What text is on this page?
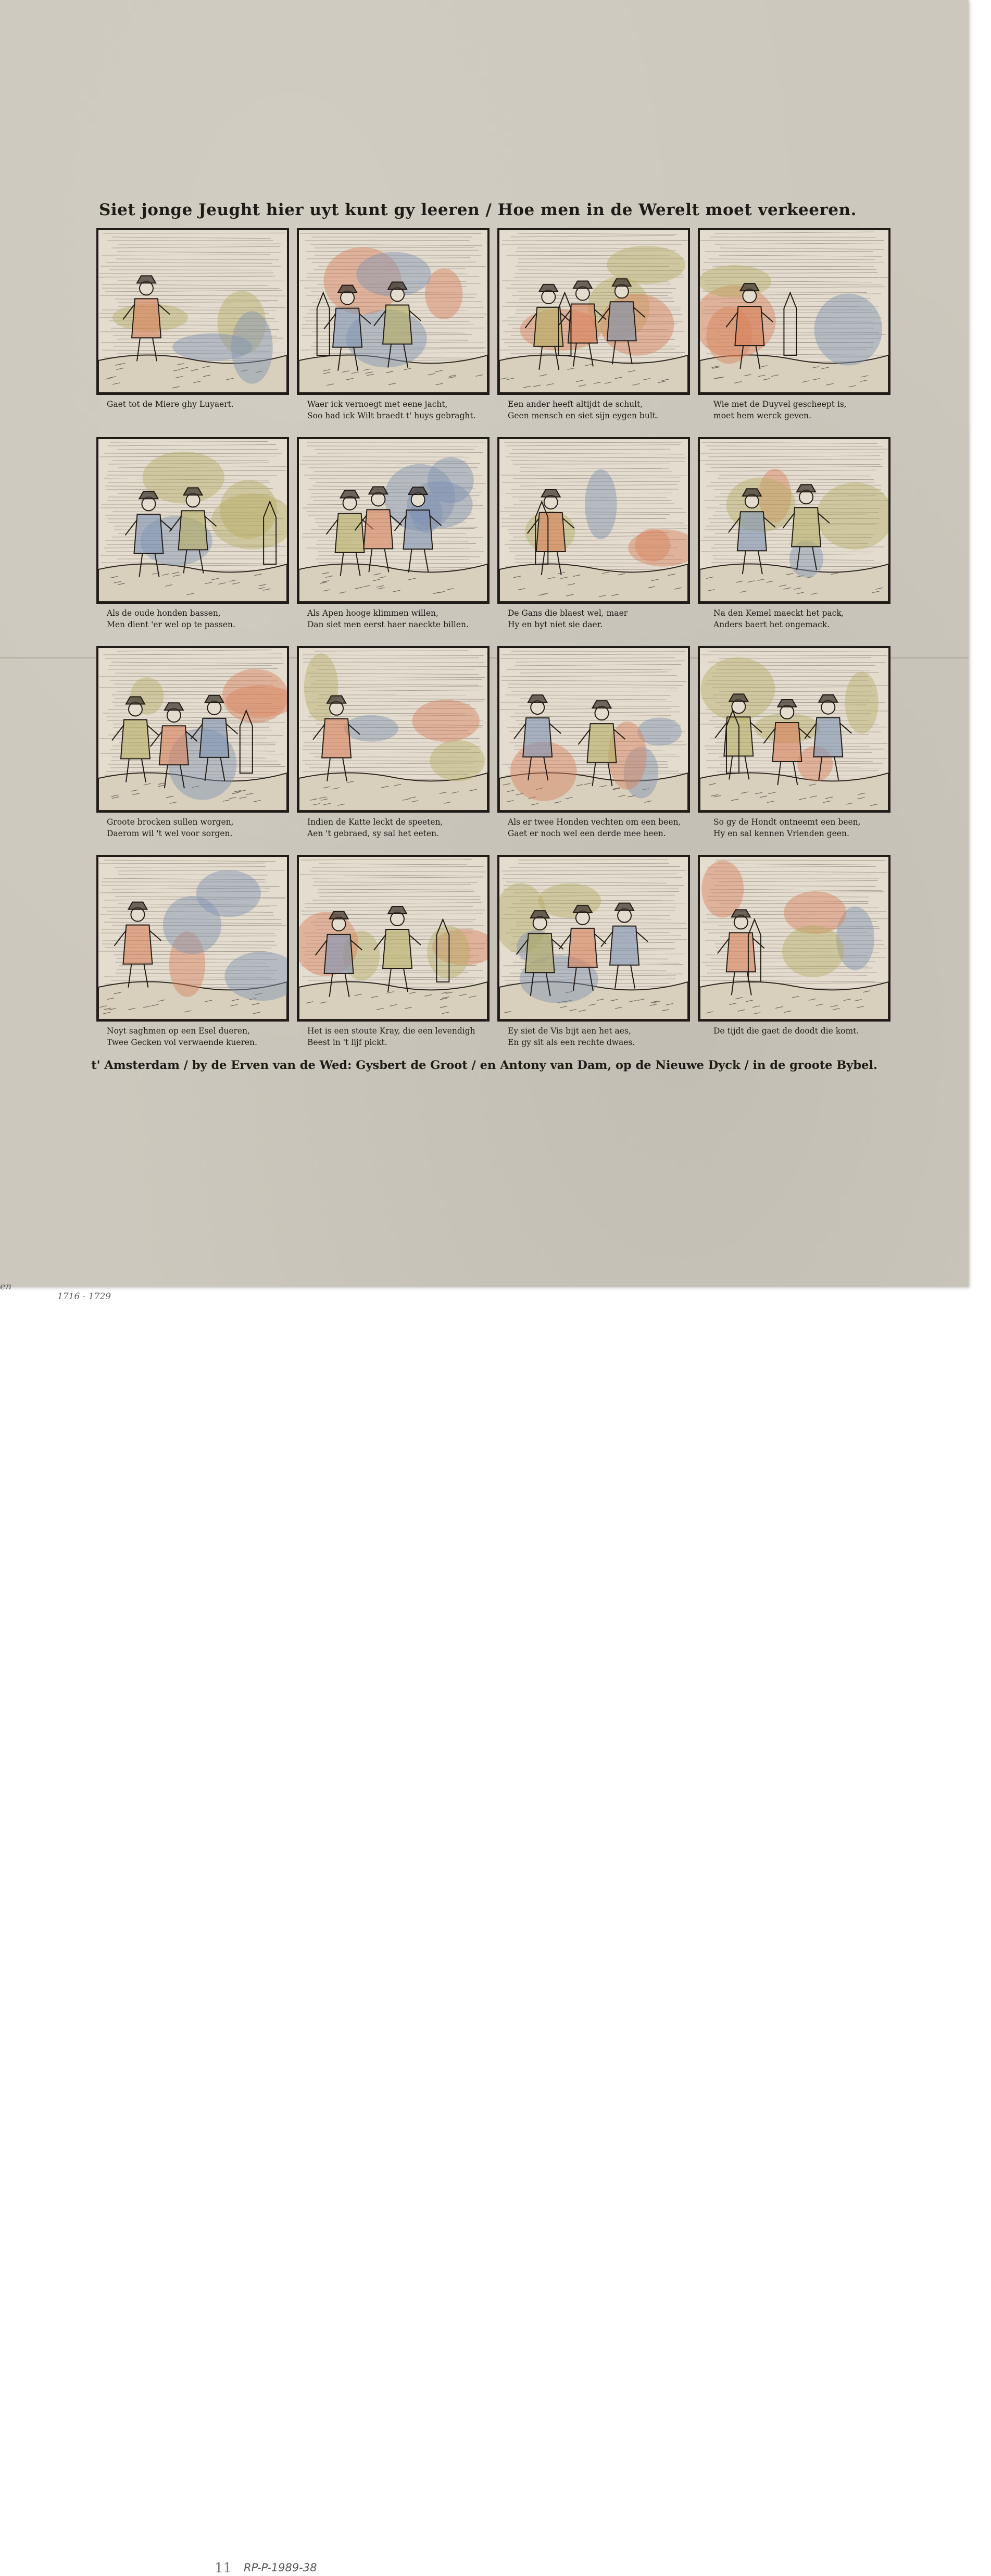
Siet jonge Jeught hier uyt kunt gy leeren / Hoe men in de Werelt moet verkeeren.
Gaet tot de Miere ghy Luyaert.	Waer ick vernoegt met eene jacht,
Soo had ick Wilt braedt t' huys gebraght.
Een ander heeft altijdt de schult,
Geen mensch en siet sijn eygen bult.
Wie met de Duyvel gescheept is,
moet hem werck geven.
Als de oude honden bassen,
Men dient 'er wel op te passen.
Als Apen hooge klimmen willen,
Dan siet men eerst haer naeckte billen.
De Gans die blaest wel, maer
Hy en byt niet sie daer.
Na den Kemel maeckt het pack,
Anders baert het ongemack.
Groote brocken sullen worgen,
Daerom wil 't wel voor sorgen.
Indien de Katte leckt de speeten,
Aen 't gebraed, sy sal het eeten.
Als er twee Honden vechten om een been,
Gaet er noch wel een derde mee heen.
So gy de Hondt ontneemt een been,
Hy en sal kennen Vrienden geen.
Noyt saghmen op een Esel dueren,
Twee Gecken vol verwaende kueren.
Het is een stoute Kray, die een levendigh
Beest in 't lijf pickt.
Ey siet de Vis bijt aen het aes,
En gy sit als een rechte dwaes.
De tijdt die gaet de doodt die komt.
t' Amsterdam / by de Erven van de Wed: Gysbert de Groot / en Antony van Dam, op de Nieuwe Dyck / in de groote Bybel.
en
1716 - 1729
11 RP-P-1989-38
